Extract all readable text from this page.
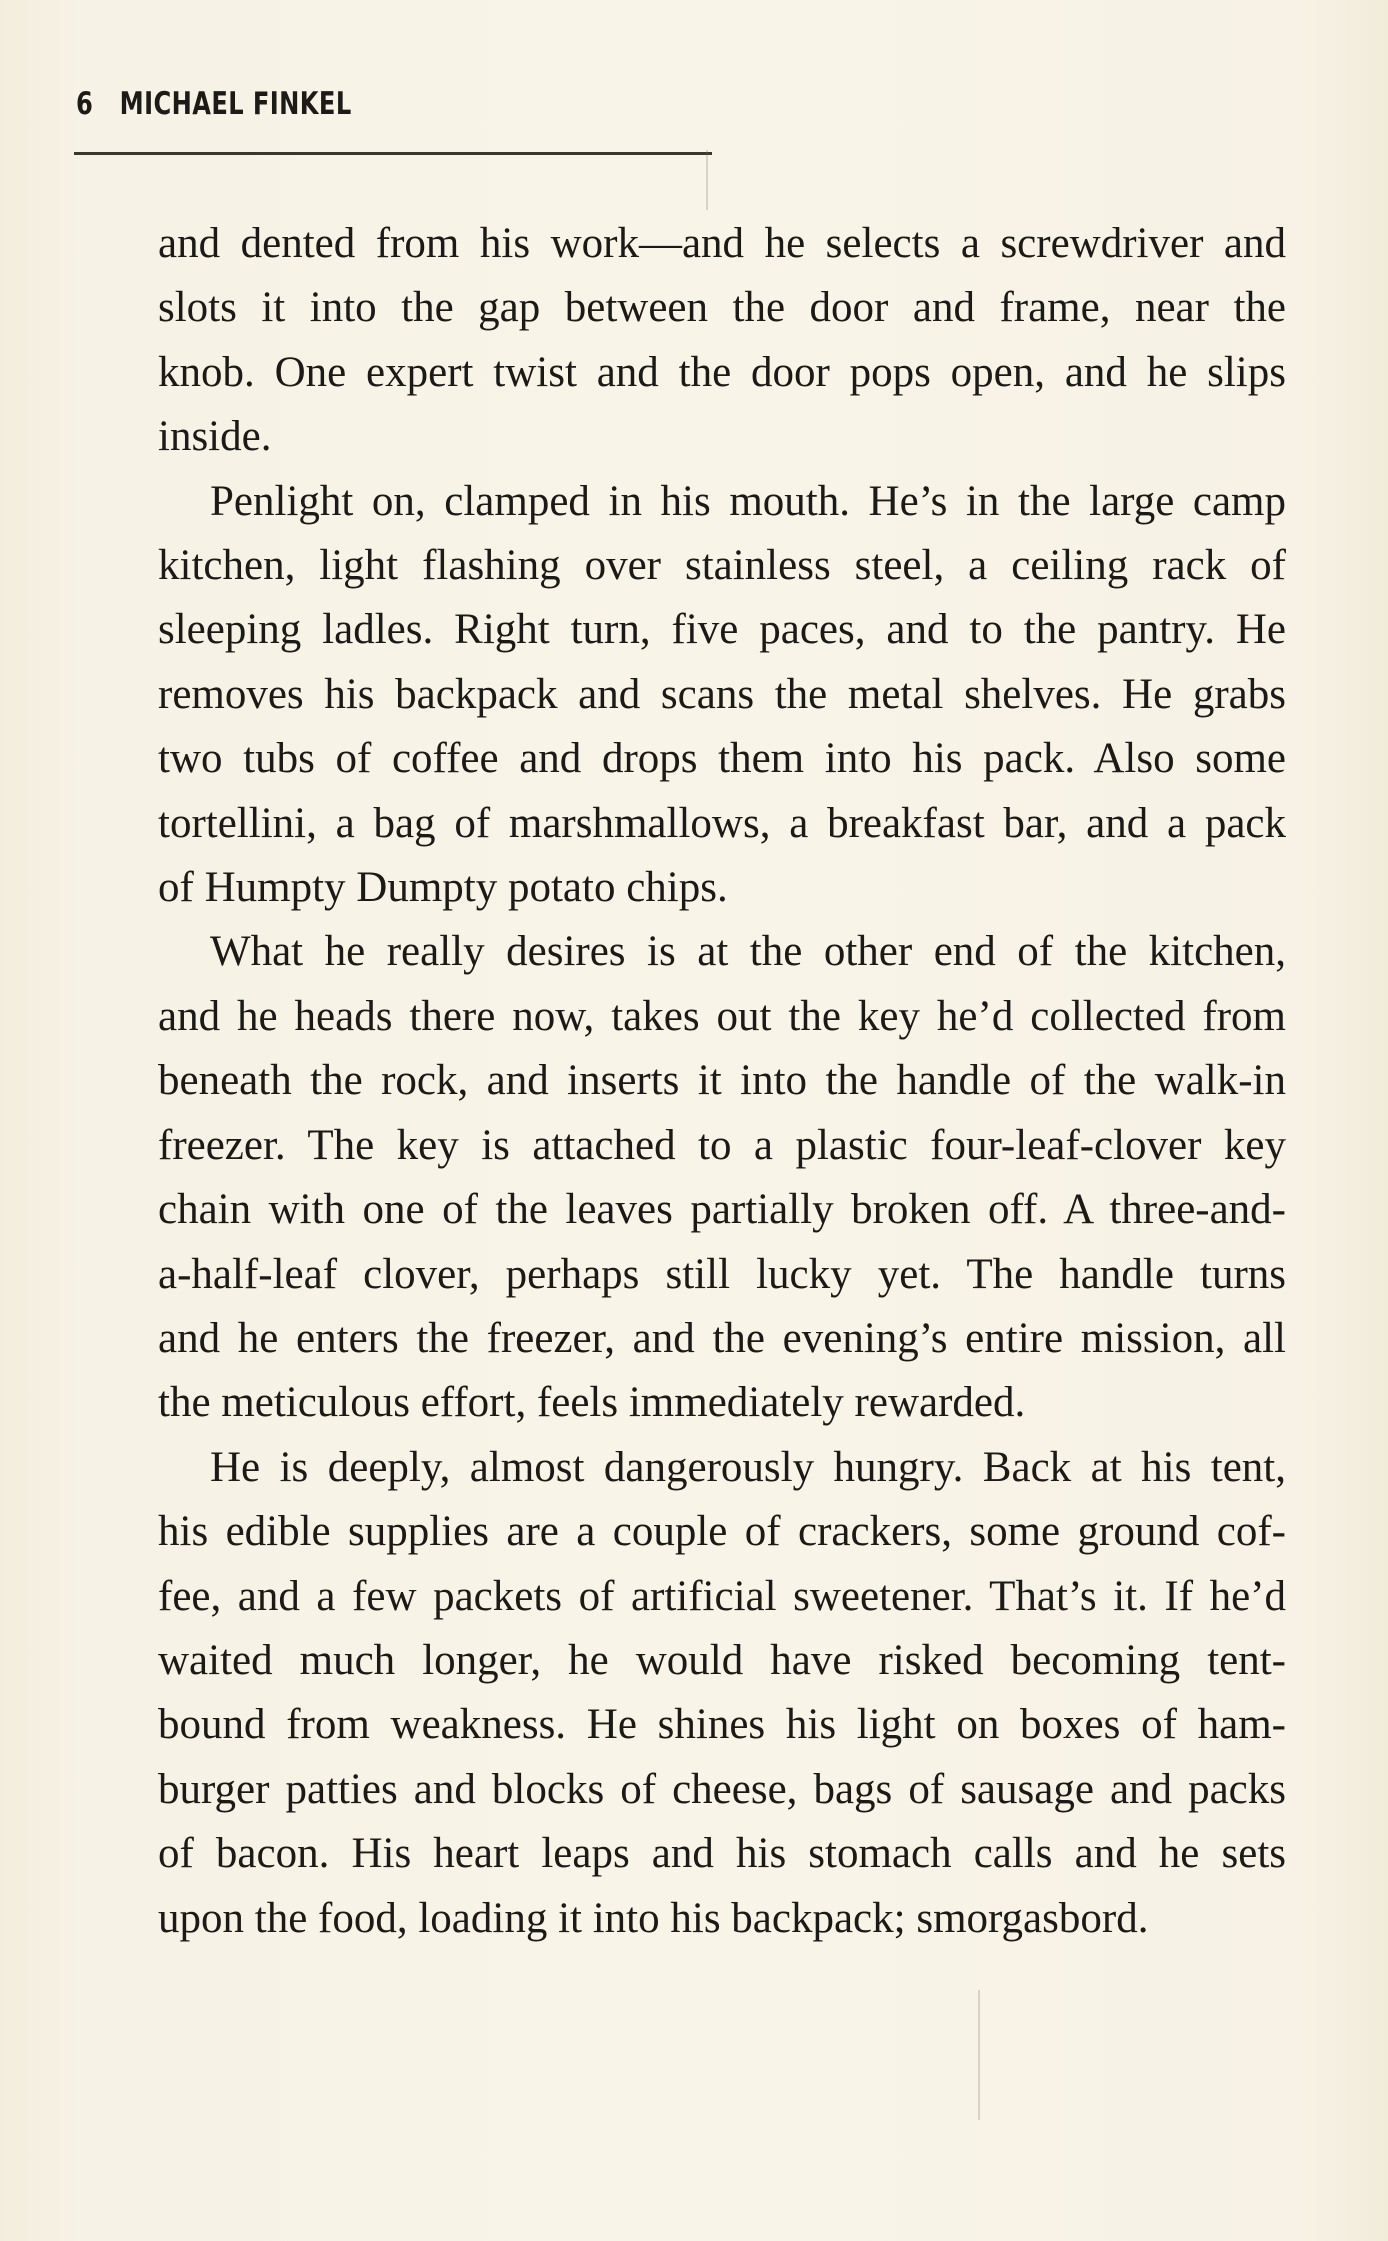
6 MICHAEL FINKEL
and dented from his work—and he selects a screwdriver and
slots it into the gap between the door and frame, near the
knob. One expert twist and the door pops open, and he slips
inside.
Penlight on, clamped in his mouth. He’s in the large camp
kitchen, light flashing over stainless steel, a ceiling rack of
sleeping ladles. Right turn, five paces, and to the pantry. He
removes his backpack and scans the metal shelves. He grabs
two tubs of coffee and drops them into his pack. Also some
tortellini, a bag of marshmallows, a breakfast bar, and a pack
of Humpty Dumpty potato chips.
What he really desires is at the other end of the kitchen,
and he heads there now, takes out the key he’d collected from
beneath the rock, and inserts it into the handle of the walk-in
freezer. The key is attached to a plastic four-leaf-clover key
chain with one of the leaves partially broken off. A three-and-
a-half-leaf clover, perhaps still lucky yet. The handle turns
and he enters the freezer, and the evening’s entire mission, all
the meticulous effort, feels immediately rewarded.
He is deeply, almost dangerously hungry. Back at his tent,
his edible supplies are a couple of crackers, some ground cof-
fee, and a few packets of artificial sweetener. That’s it. If he’d
waited much longer, he would have risked becoming tent-
bound from weakness. He shines his light on boxes of ham-
burger patties and blocks of cheese, bags of sausage and packs
of bacon. His heart leaps and his stomach calls and he sets
upon the food, loading it into his backpack; smorgasbord.
